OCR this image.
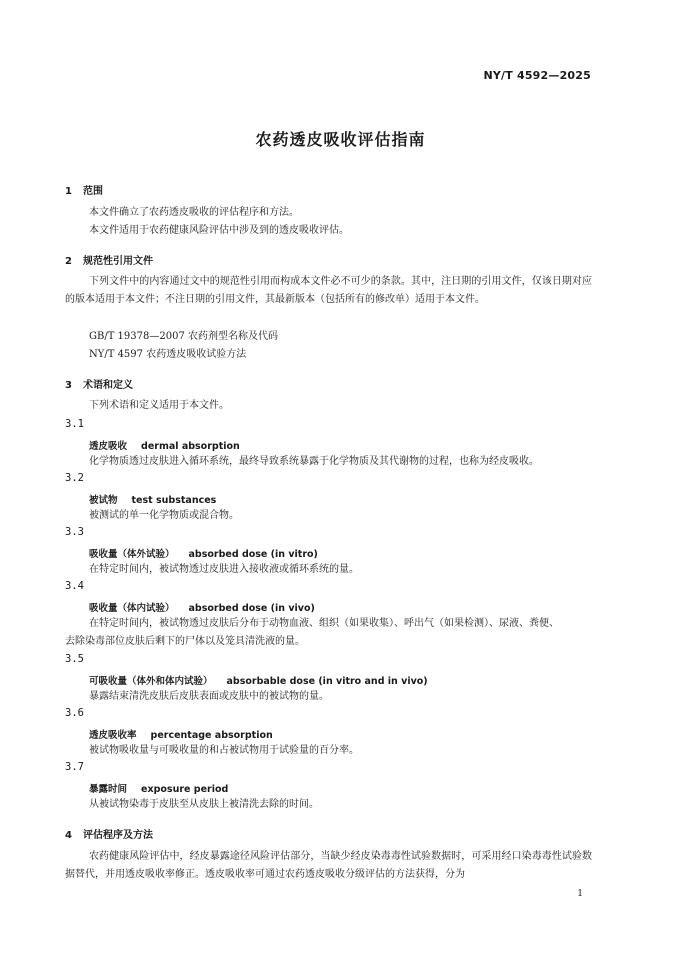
NY/T 4592—2025
农药透皮吸收评估指南
1 范围
本文件确立了农药透皮吸收的评估程序和方法。
本文件适用于农药健康风险评估中涉及到的透皮吸收评估。
2 规范性引用文件
下列文件中的内容通过文中的规范性引用而构成本文件必不可少的条款。其中，注日期的引用文件，仅该日期对应的版本适用于本文件；不注日期的引用文件，其最新版本（包括所有的修改单）适用于本文件。
GB/T 19378—2007 农药剂型名称及代码
NY/T 4597 农药透皮吸收试验方法
3 术语和定义
下列术语和定义适用于本文件。
3.1
透皮吸收 dermal absorption
化学物质透过皮肤进入循环系统，最终导致系统暴露于化学物质及其代谢物的过程，也称为经皮吸收。
3.2
被试物 test substances
被测试的单一化学物质或混合物。
3.3
吸收量（体外试验） absorbed dose (in vitro)
在特定时间内，被试物透过皮肤进入接收液或循环系统的量。
3.4
吸收量（体内试验） absorbed dose (in vivo)
在特定时间内，被试物透过皮肤后分布于动物血液、组织（如果收集）、呼出气（如果检测）、尿液、粪便、
去除染毒部位皮肤后剩下的尸体以及笼具清洗液的量。
3.5
可吸收量（体外和体内试验） absorbable dose (in vitro and in vivo)
暴露结束清洗皮肤后皮肤表面或皮肤中的被试物的量。
3.6
透皮吸收率 percentage absorption
被试物吸收量与可吸收量的和占被试物用于试验量的百分率。
3.7
暴露时间 exposure period
从被试物染毒于皮肤至从皮肤上被清洗去除的时间。
4 评估程序及方法
农药健康风险评估中，经皮暴露途径风险评估部分，当缺少经皮染毒毒性试验数据时，可采用经口染毒毒性试验数据替代，并用透皮吸收率修正。透皮吸收率可通过农药透皮吸收分级评估的方法获得，分为
1
